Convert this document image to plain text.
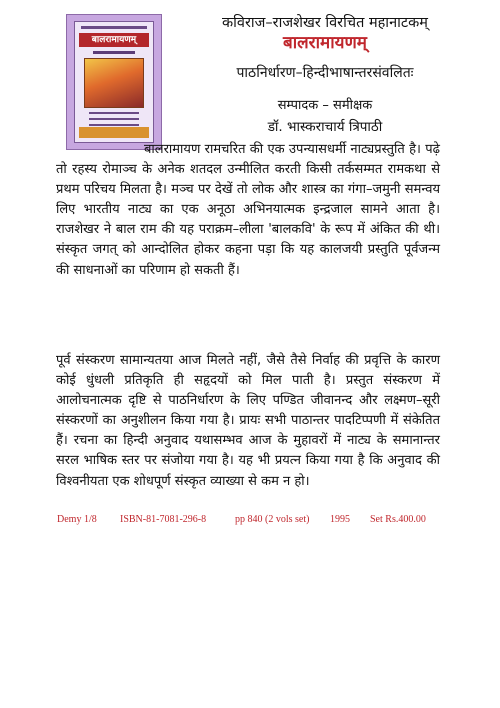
बालरामायणम्
कविराज–राजशेखर विरचित महानाटकम्
बालरामायणम्
पाठनिर्धारण–हिन्दीभाषान्तरसंवलितः
सम्पादक – समीक्षक
डॉ. भास्कराचार्य त्रिपाठी

बालरामायण रामचरित की एक उपन्यासधर्मी नाट्यप्रस्तुति है। पढ़े तो रहस्य रोमाञ्च के अनेक शतदल उन्मीलित करती किसी तर्कसम्मत रामकथा से प्रथम परिचय मिलता है। मञ्च पर देखें तो लोक और शास्त्र का गंगा–जमुनी समन्वय लिए भारतीय नाट्य का एक अनूठा अभिनयात्मक इन्द्रजाल सामने आता है। राजशेखर ने बाल राम की यह पराक्रम–लीला 'बालकवि' के रूप में अंकित की थी। संस्कृत जगत् को आन्दोलित होकर कहना पड़ा कि यह कालजयी प्रस्तुति पूर्वजन्म की साधनाओं का परिणाम हो सकती हैं।

पूर्व संस्करण सामान्यतया आज मिलते नहीं, जैसे तैसे निर्वाह की प्रवृत्ति के कारण कोई धुंधली प्रतिकृति ही सहृदयों को मिल पाती है। प्रस्तुत संस्करण में आलोचनात्मक दृष्टि से पाठनिर्धारण के लिए पण्डित जीवानन्द और लक्ष्मण–सूरी संस्करणों का अनुशीलन किया गया है। प्रायः सभी पाठान्तर पादटिप्पणी में संकेतित हैं। रचना का हिन्दी अनुवाद यथासम्भव आज के मुहावरों में नाट्य के समानान्तर सरल भाषिक स्तर पर संजोया गया है। यह भी प्रयत्न किया गया है कि अनुवाद की विश्वनीयता एक शोधपूर्ण संस्कृत व्याख्या से कम न हो।

Demy 1/8 ISBN-81-7081-296-8	pp 840 (2 vols set) 1995 Set Rs.400.00
